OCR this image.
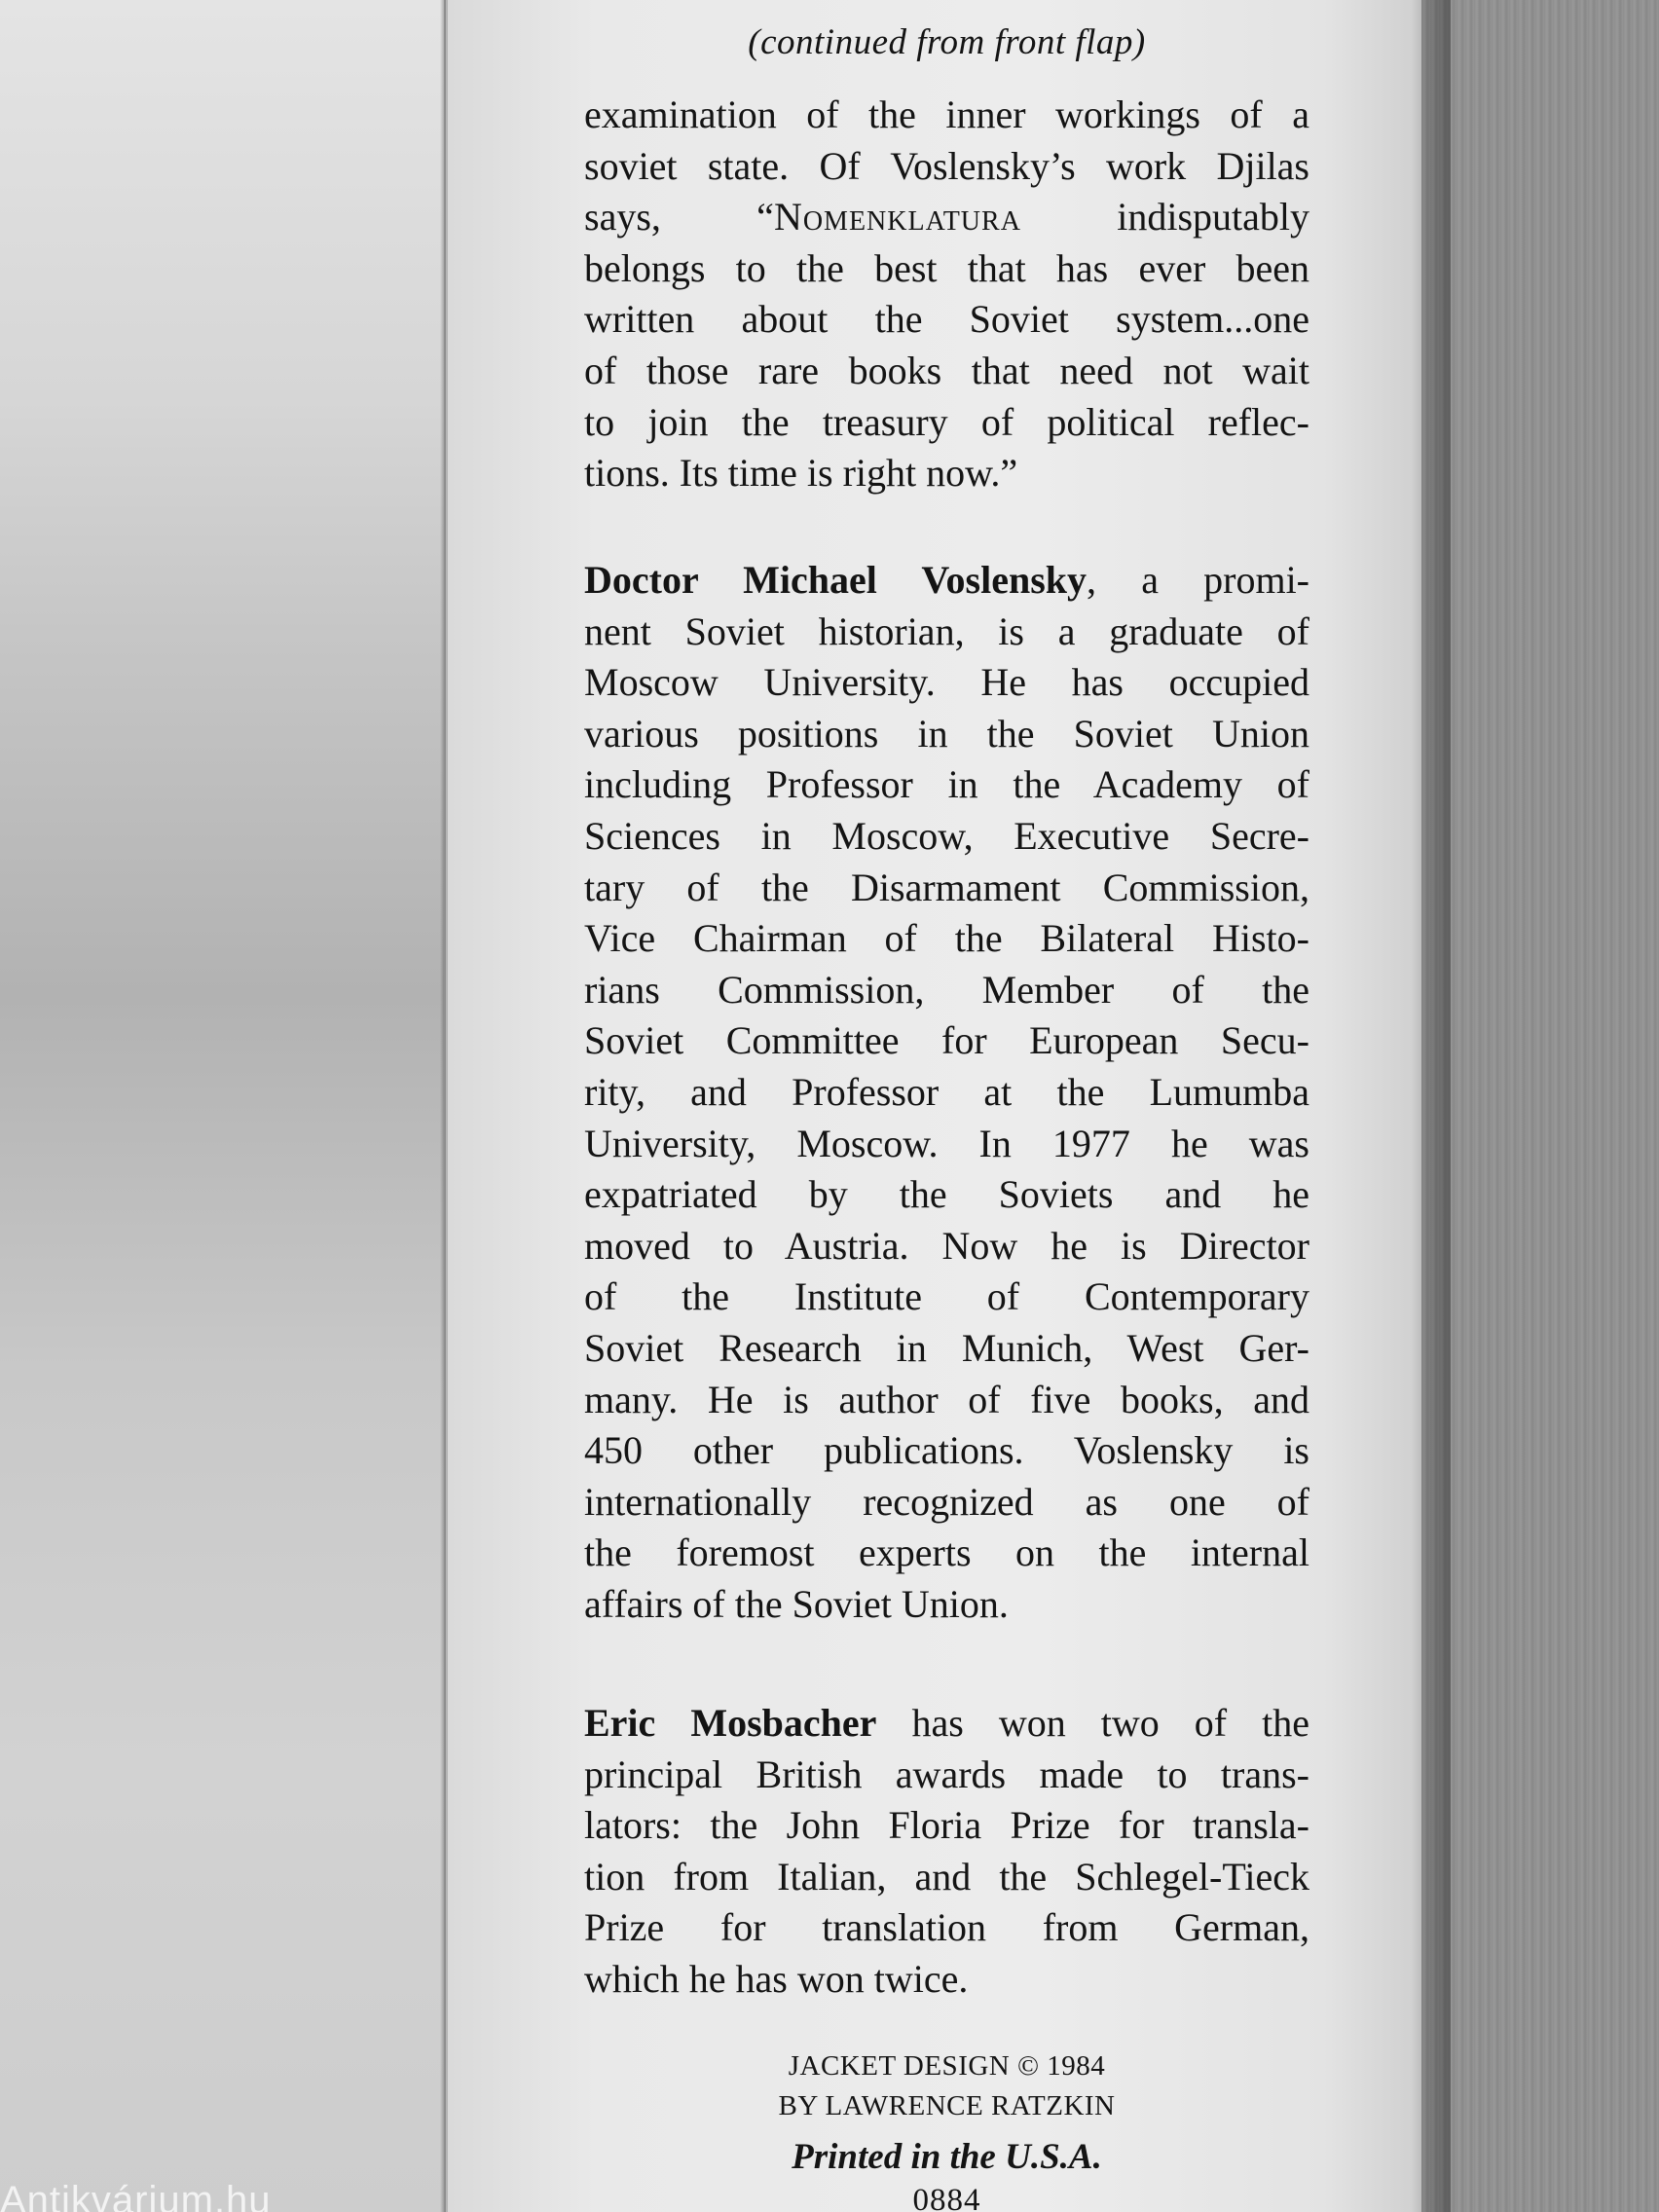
(continued from front flap)
examination of the inner workings of a
soviet state. Of Voslensky’s work Djilas
says, “Nomenklatura indisputably
belongs to the best that has ever been
written about the Soviet system...one
of those rare books that need not wait
to join the treasury of political reflec-
tions. Its time is right now.”
Doctor Michael Voslensky, a promi-
nent Soviet historian, is a graduate of
Moscow University. He has occupied
various positions in the Soviet Union
including Professor in the Academy of
Sciences in Moscow, Executive Secre-
tary of the Disarmament Commission,
Vice Chairman of the Bilateral Histo-
rians Commission, Member of the
Soviet Committee for European Secu-
rity, and Professor at the Lumumba
University, Moscow. In 1977 he was
expatriated by the Soviets and he
moved to Austria. Now he is Director
of the Institute of Contemporary
Soviet Research in Munich, West Ger-
many. He is author of five books, and
450 other publications. Voslensky is
internationally recognized as one of
the foremost experts on the internal
affairs of the Soviet Union.
Eric Mosbacher has won two of the
principal British awards made to trans-
lators: the John Floria Prize for transla-
tion from Italian, and the Schlegel-Tieck
Prize for translation from German,
which he has won twice.
JACKET DESIGN © 1984
BY LAWRENCE RATZKIN
Printed in the U.S.A.
0884
Antikvárium.hu
